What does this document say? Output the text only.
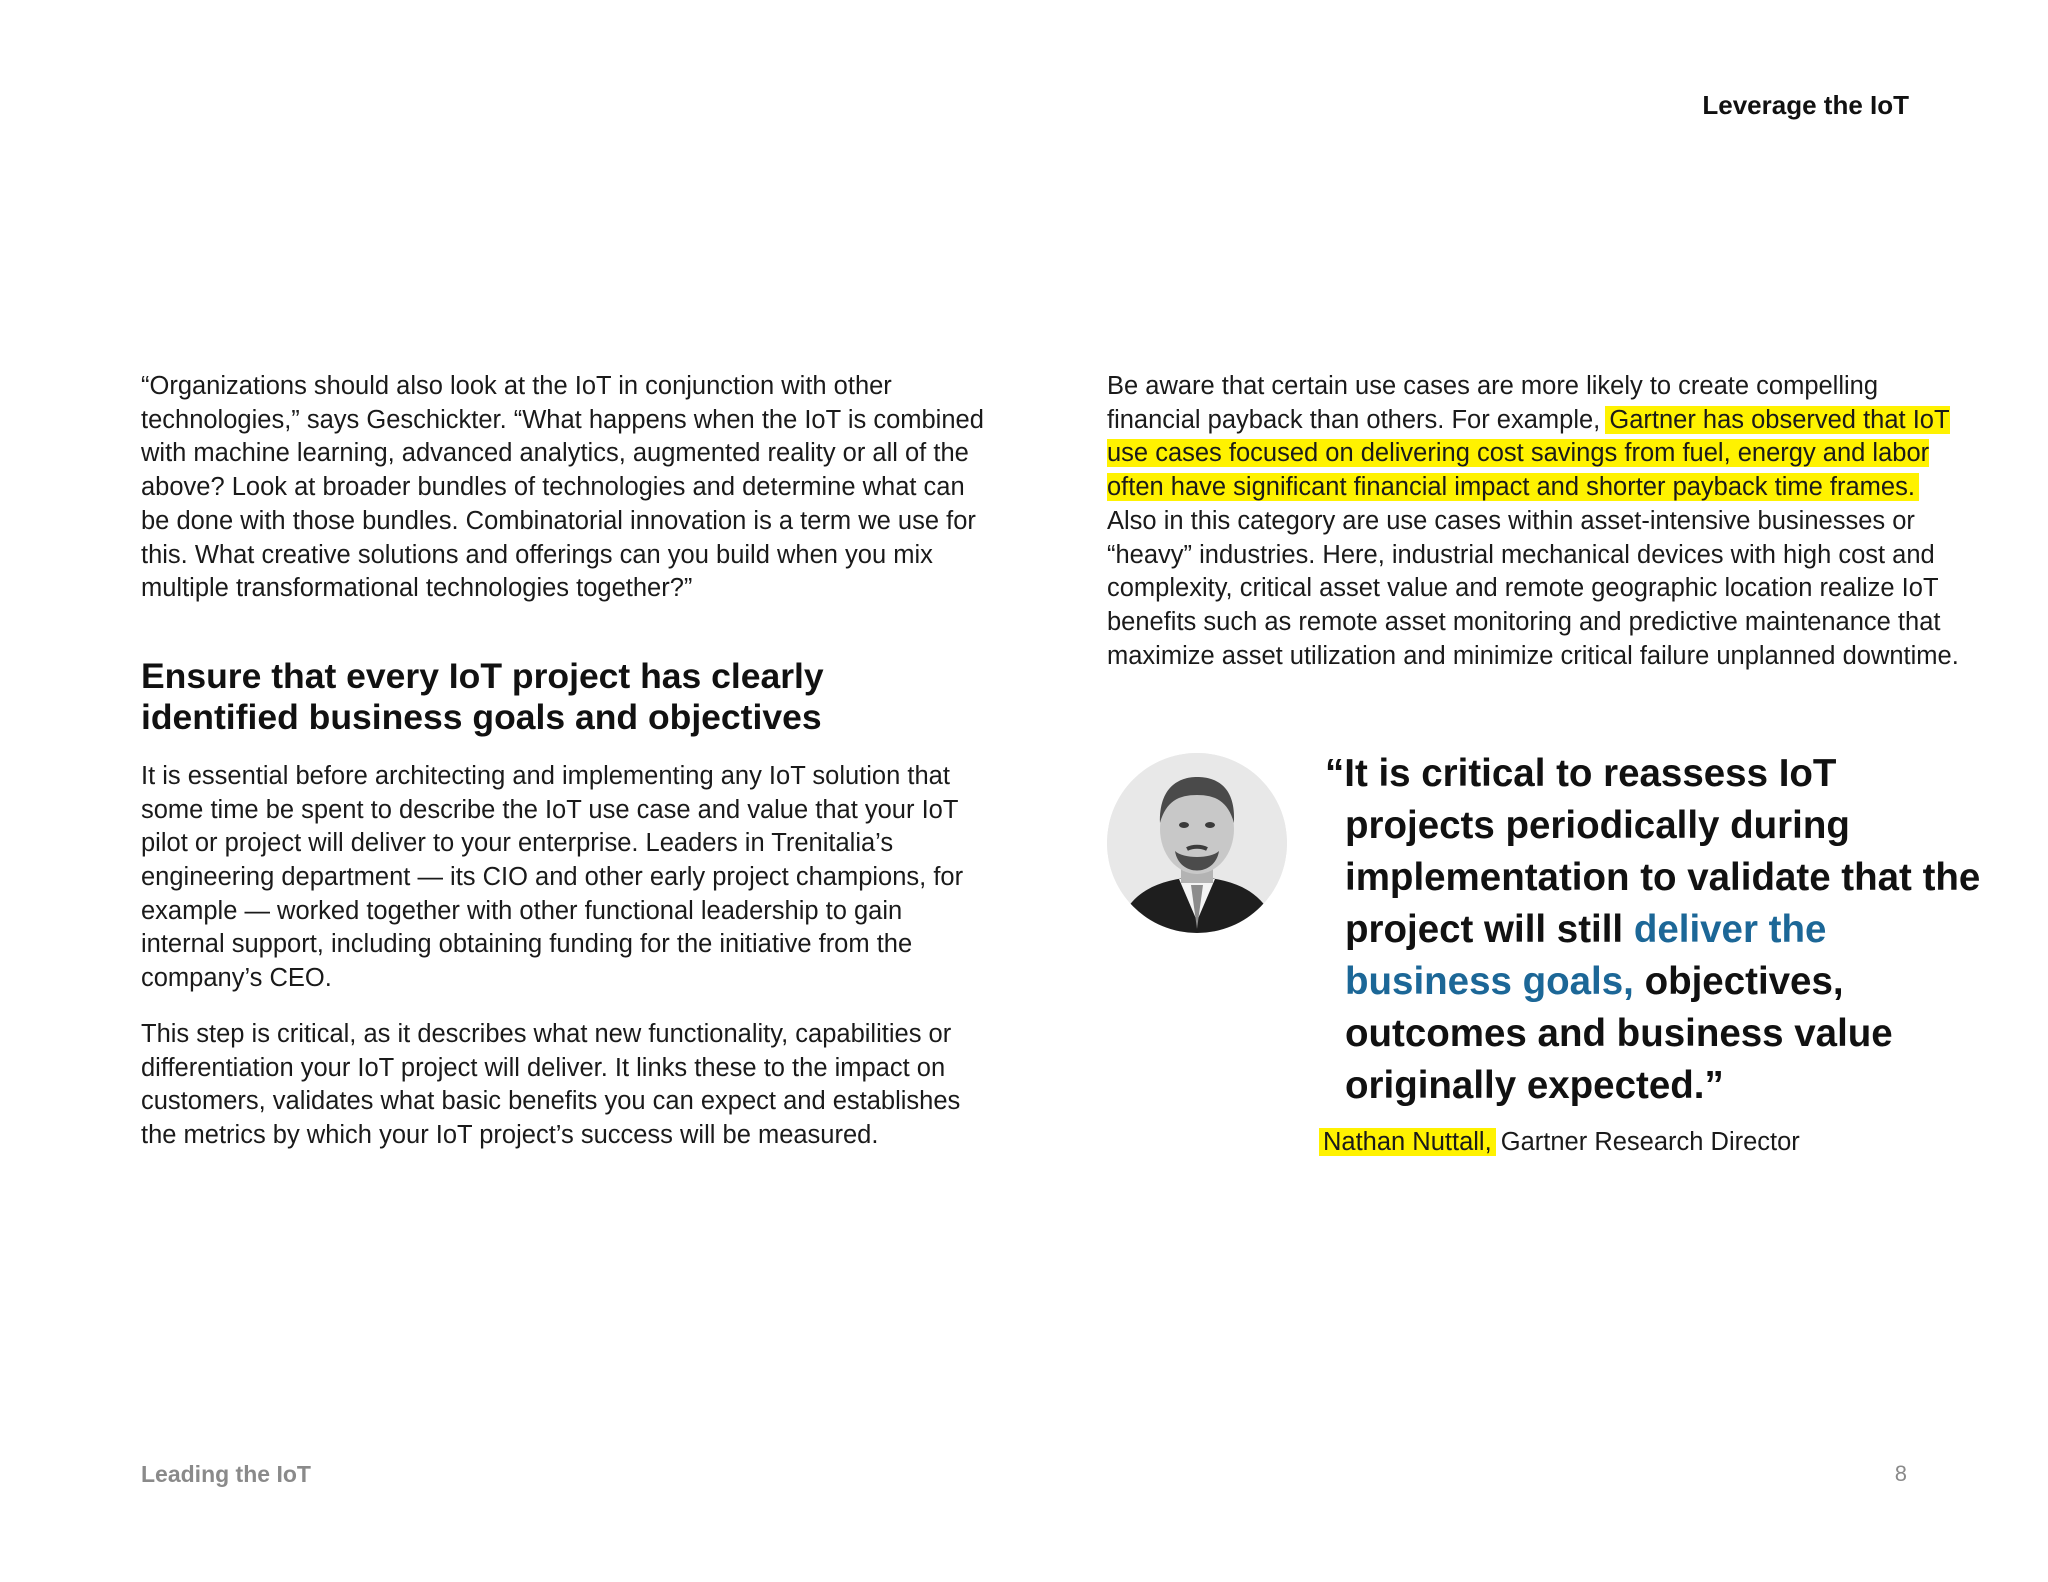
Leverage the IoT

“Organizations should also look at the IoT in conjunction with other technologies,” says Geschickter. “What happens when the IoT is combined with machine learning, advanced analytics, augmented reality or all of the above? Look at broader bundles of technologies and determine what can be done with those bundles. Combinatorial innovation is a term we use for this. What creative solutions and offerings can you build when you mix multiple transformational technologies together?”

Ensure that every IoT project has clearly identified business goals and objectives

It is essential before architecting and implementing any IoT solution that some time be spent to describe the IoT use case and value that your IoT pilot or project will deliver to your enterprise. Leaders in Trenitalia’s engineering department — its CIO and other early project champions, for example — worked together with other functional leadership to gain internal support, including obtaining funding for the initiative from the company’s CEO.

This step is critical, as it describes what new functionality, capabilities or differentiation your IoT project will deliver. It links these to the impact on customers, validates what basic benefits you can expect and establishes the metrics by which your IoT project’s success will be measured.

Be aware that certain use cases are more likely to create compelling financial payback than others. For example, Gartner has observed that IoT use cases focused on delivering cost savings from fuel, energy and labor often have significant financial impact and shorter payback time frames. Also in this category are use cases within asset-intensive businesses or “heavy” industries. Here, industrial mechanical devices with high cost and complexity, critical asset value and remote geographic location realize IoT benefits such as remote asset monitoring and predictive maintenance that maximize asset utilization and minimize critical failure unplanned downtime.

“It is critical to reassess IoT projects periodically during implementation to validate that the project will still deliver the business goals, objectives, outcomes and business value originally expected.”
Nathan Nuttall, Gartner Research Director
Leading the IoT	8
